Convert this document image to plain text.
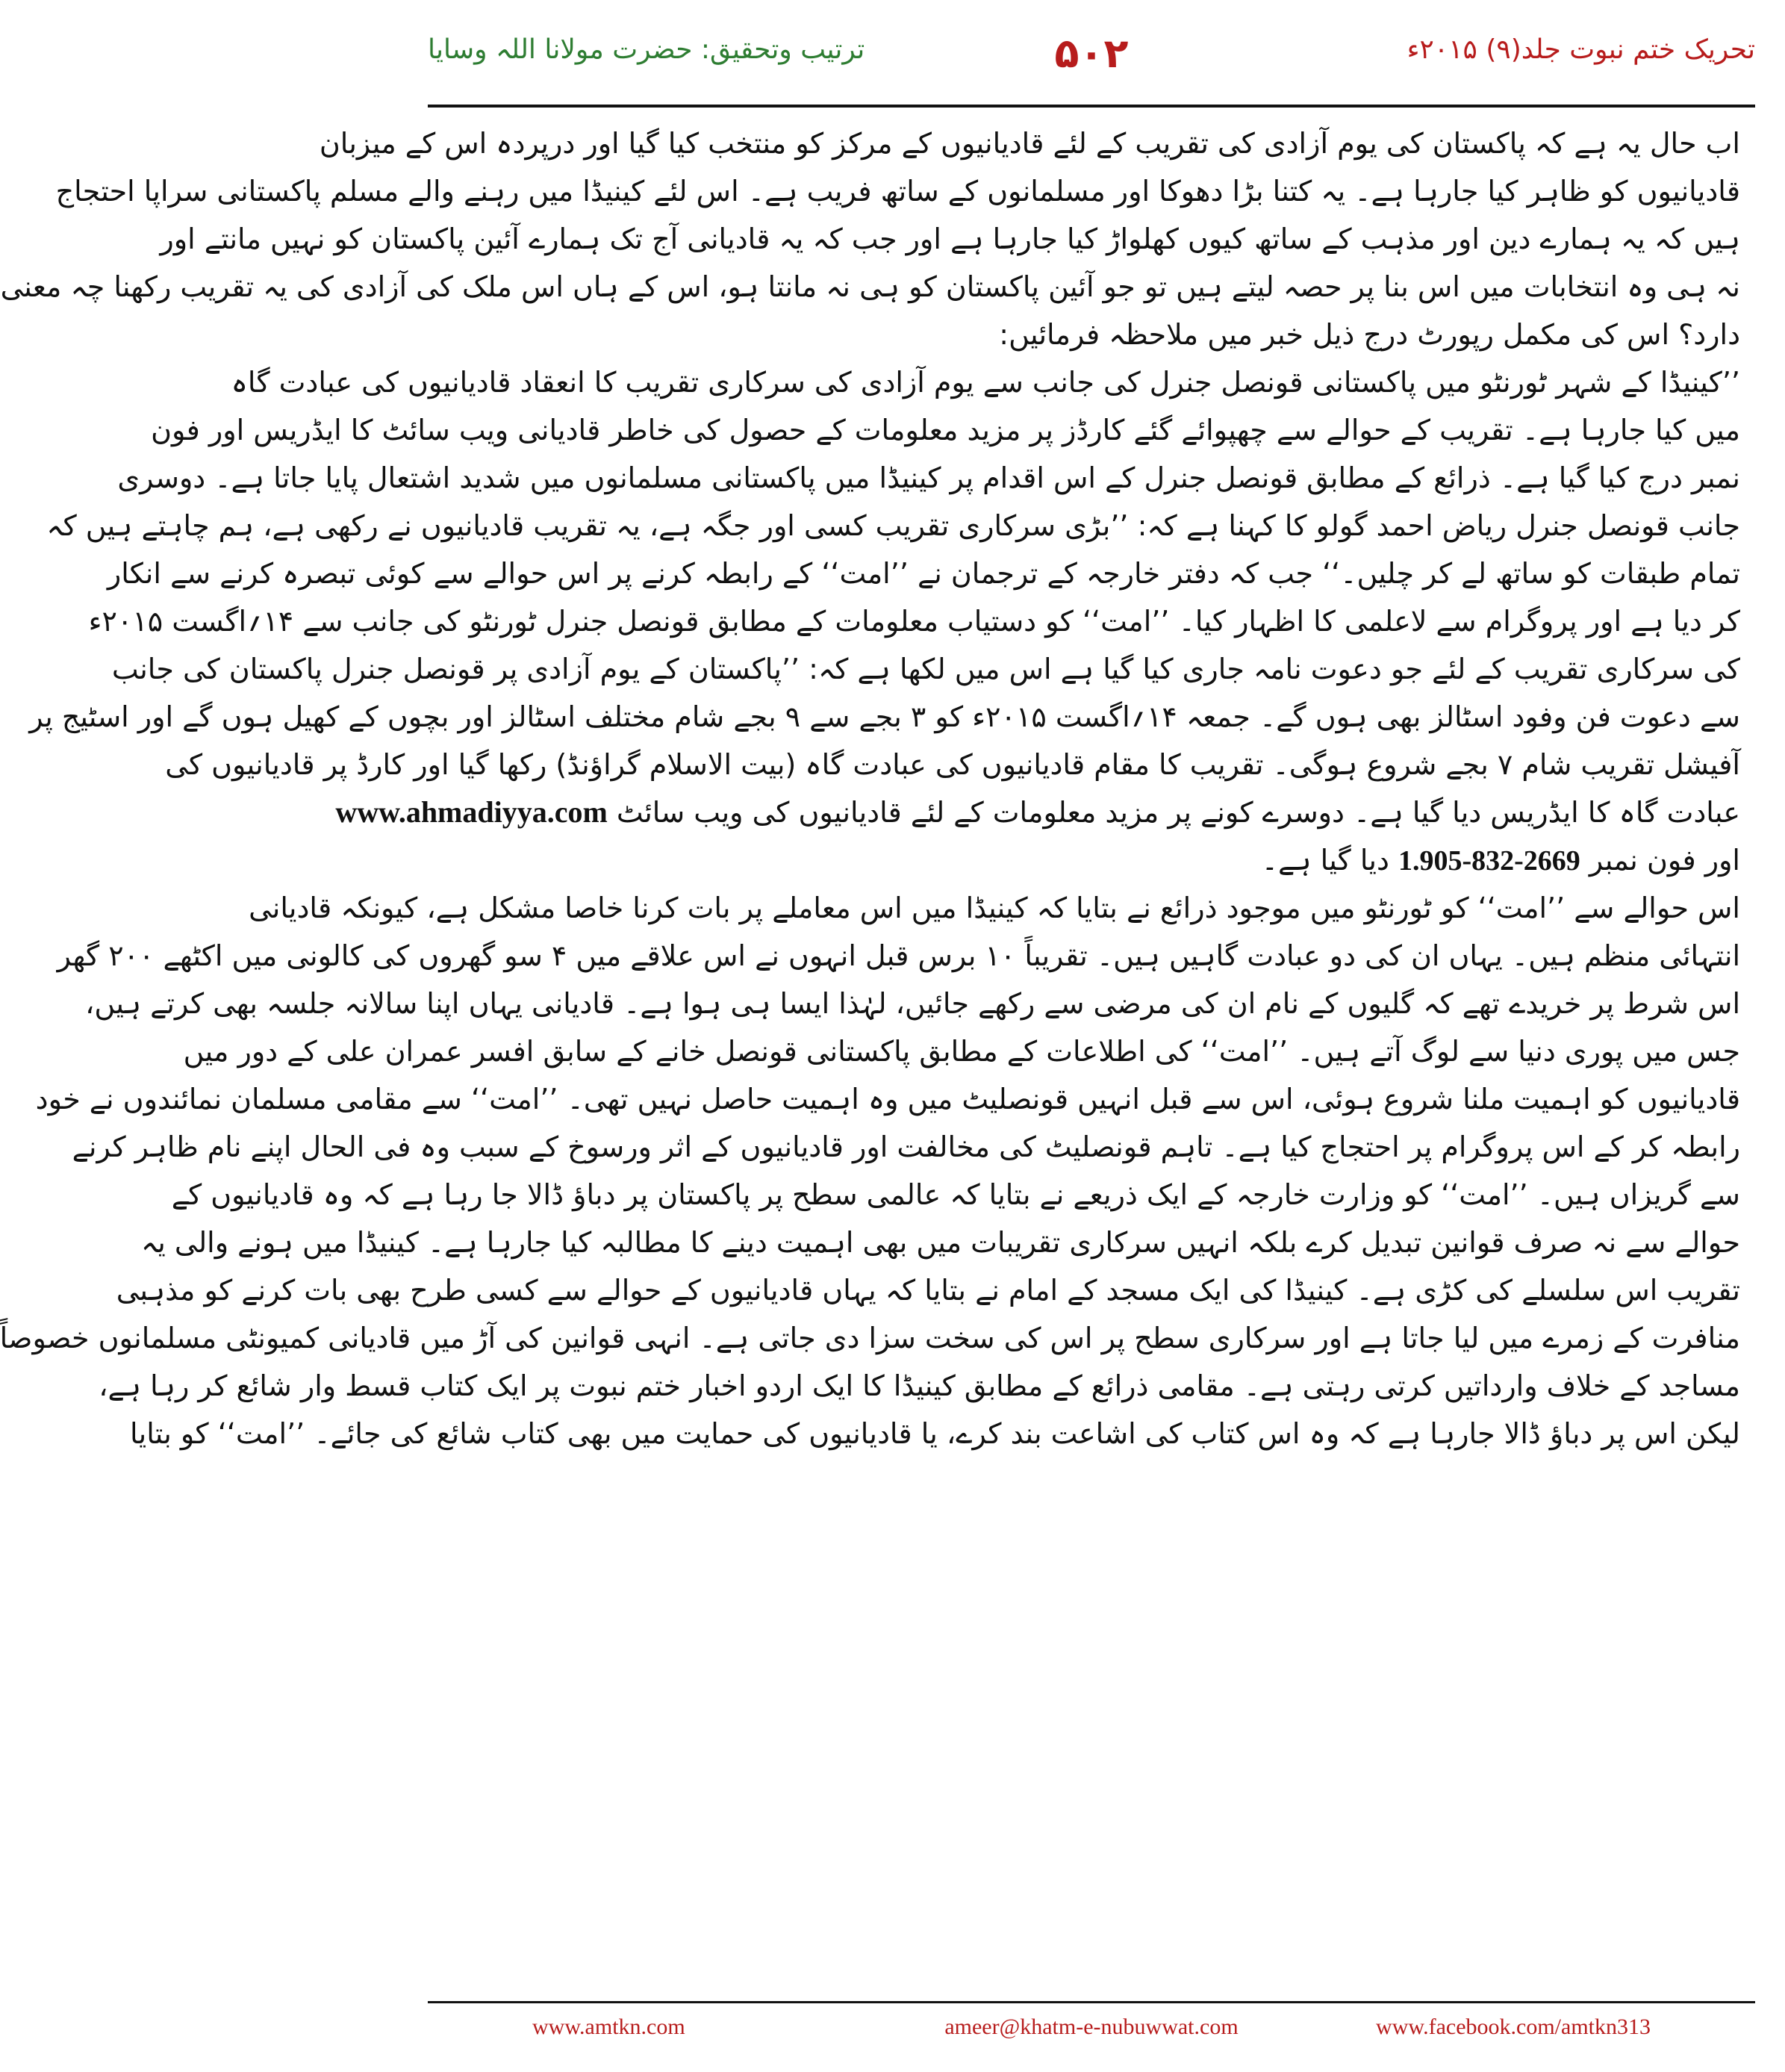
تحریک ختم نبوت جلد(۹) ۲۰۱۵ء
۵۰۲
ترتیب وتحقیق: حضرت مولانا اللہ وسایا
اب حال یہ ہے کہ پاکستان کی یوم آزادی کی تقریب کے لئے قادیانیوں کے مرکز کو منتخب کیا گیا اور درپردہ اس کے میزبان
قادیانیوں کو ظاہر کیا جارہا ہے۔ یہ کتنا بڑا دھوکا اور مسلمانوں کے ساتھ فریب ہے۔ اس لئے کینیڈا میں رہنے والے مسلم پاکستانی سراپا احتجاج
ہیں کہ یہ ہمارے دین اور مذہب کے ساتھ کیوں کھلواڑ کیا جارہا ہے اور جب کہ یہ قادیانی آج تک ہمارے آئین پاکستان کو نہیں مانتے اور
نہ ہی وہ انتخابات میں اس بنا پر حصہ لیتے ہیں تو جو آئین پاکستان کو ہی نہ مانتا ہو، اس کے ہاں اس ملک کی آزادی کی یہ تقریب رکھنا چہ معنی
دارد؟ اس کی مکمل رپورٹ درج ذیل خبر میں ملاحظہ فرمائیں:
’’کینیڈا کے شہر ٹورنٹو میں پاکستانی قونصل جنرل کی جانب سے یوم آزادی کی سرکاری تقریب کا انعقاد قادیانیوں کی عبادت گاہ
میں کیا جارہا ہے۔ تقریب کے حوالے سے چھپوائے گئے کارڈز پر مزید معلومات کے حصول کی خاطر قادیانی ویب سائٹ کا ایڈریس اور فون
نمبر درج کیا گیا ہے۔ ذرائع کے مطابق قونصل جنرل کے اس اقدام پر کینیڈا میں پاکستانی مسلمانوں میں شدید اشتعال پایا جاتا ہے۔ دوسری
جانب قونصل جنرل ریاض احمد گولو کا کہنا ہے کہ: ’’بڑی سرکاری تقریب کسی اور جگہ ہے، یہ تقریب قادیانیوں نے رکھی ہے، ہم چاہتے ہیں کہ
تمام طبقات کو ساتھ لے کر چلیں۔‘‘ جب کہ دفتر خارجہ کے ترجمان نے ’’امت‘‘ کے رابطہ کرنے پر اس حوالے سے کوئی تبصرہ کرنے سے انکار
کر دیا ہے اور پروگرام سے لاعلمی کا اظہار کیا۔ ’’امت‘‘ کو دستیاب معلومات کے مطابق قونصل جنرل ٹورنٹو کی جانب سے ۱۴؍اگست ۲۰۱۵ء
کی سرکاری تقریب کے لئے جو دعوت نامہ جاری کیا گیا ہے اس میں لکھا ہے کہ: ’’پاکستان کے یوم آزادی پر قونصل جنرل پاکستان کی جانب
سے دعوت فن وفود اسٹالز بھی ہوں گے۔ جمعہ ۱۴؍اگست ۲۰۱۵ء کو ۳ بجے سے ۹ بجے شام مختلف اسٹالز اور بچوں کے کھیل ہوں گے اور اسٹیج پر
آفیشل تقریب شام ۷ بجے شروع ہوگی۔ تقریب کا مقام قادیانیوں کی عبادت گاہ (بیت الاسلام گراؤنڈ) رکھا گیا اور کارڈ پر قادیانیوں کی
عبادت گاہ کا ایڈریس دیا گیا ہے۔ دوسرے کونے پر مزید معلومات کے لئے قادیانیوں کی ویب سائٹ www.ahmadiyya.com
اور فون نمبر 1.905-832-2669 دیا گیا ہے۔
اس حوالے سے ’’امت‘‘ کو ٹورنٹو میں موجود ذرائع نے بتایا کہ کینیڈا میں اس معاملے پر بات کرنا خاصا مشکل ہے، کیونکہ قادیانی
انتہائی منظم ہیں۔ یہاں ان کی دو عبادت گاہیں ہیں۔ تقریباً ۱۰ برس قبل انہوں نے اس علاقے میں ۴ سو گھروں کی کالونی میں اکٹھے ۲۰۰ گھر
اس شرط پر خریدے تھے کہ گلیوں کے نام ان کی مرضی سے رکھے جائیں، لہٰذا ایسا ہی ہوا ہے۔ قادیانی یہاں اپنا سالانہ جلسہ بھی کرتے ہیں،
جس میں پوری دنیا سے لوگ آتے ہیں۔ ’’امت‘‘ کی اطلاعات کے مطابق پاکستانی قونصل خانے کے سابق افسر عمران علی کے دور میں
قادیانیوں کو اہمیت ملنا شروع ہوئی، اس سے قبل انہیں قونصلیٹ میں وہ اہمیت حاصل نہیں تھی۔ ’’امت‘‘ سے مقامی مسلمان نمائندوں نے خود
رابطہ کر کے اس پروگرام پر احتجاج کیا ہے۔ تاہم قونصلیٹ کی مخالفت اور قادیانیوں کے اثر ورسوخ کے سبب وہ فی الحال اپنے نام ظاہر کرنے
سے گریزاں ہیں۔ ’’امت‘‘ کو وزارت خارجہ کے ایک ذریعے نے بتایا کہ عالمی سطح پر پاکستان پر دباؤ ڈالا جا رہا ہے کہ وہ قادیانیوں کے
حوالے سے نہ صرف قوانین تبدیل کرے بلکہ انہیں سرکاری تقریبات میں بھی اہمیت دینے کا مطالبہ کیا جارہا ہے۔ کینیڈا میں ہونے والی یہ
تقریب اس سلسلے کی کڑی ہے۔ کینیڈا کی ایک مسجد کے امام نے بتایا کہ یہاں قادیانیوں کے حوالے سے کسی طرح بھی بات کرنے کو مذہبی
منافرت کے زمرے میں لیا جاتا ہے اور سرکاری سطح پر اس کی سخت سزا دی جاتی ہے۔ انہی قوانین کی آڑ میں قادیانی کمیونٹی مسلمانوں خصوصاً
مساجد کے خلاف وارداتیں کرتی رہتی ہے۔ مقامی ذرائع کے مطابق کینیڈا کا ایک اردو اخبار ختم نبوت پر ایک کتاب قسط وار شائع کر رہا ہے،
لیکن اس پر دباؤ ڈالا جارہا ہے کہ وہ اس کتاب کی اشاعت بند کرے، یا قادیانیوں کی حمایت میں بھی کتاب شائع کی جائے۔ ’’امت‘‘ کو بتایا
www.amtkn.com	ameer@khatm-e-nubuwwat.com	www.facebook.com/amtkn313
